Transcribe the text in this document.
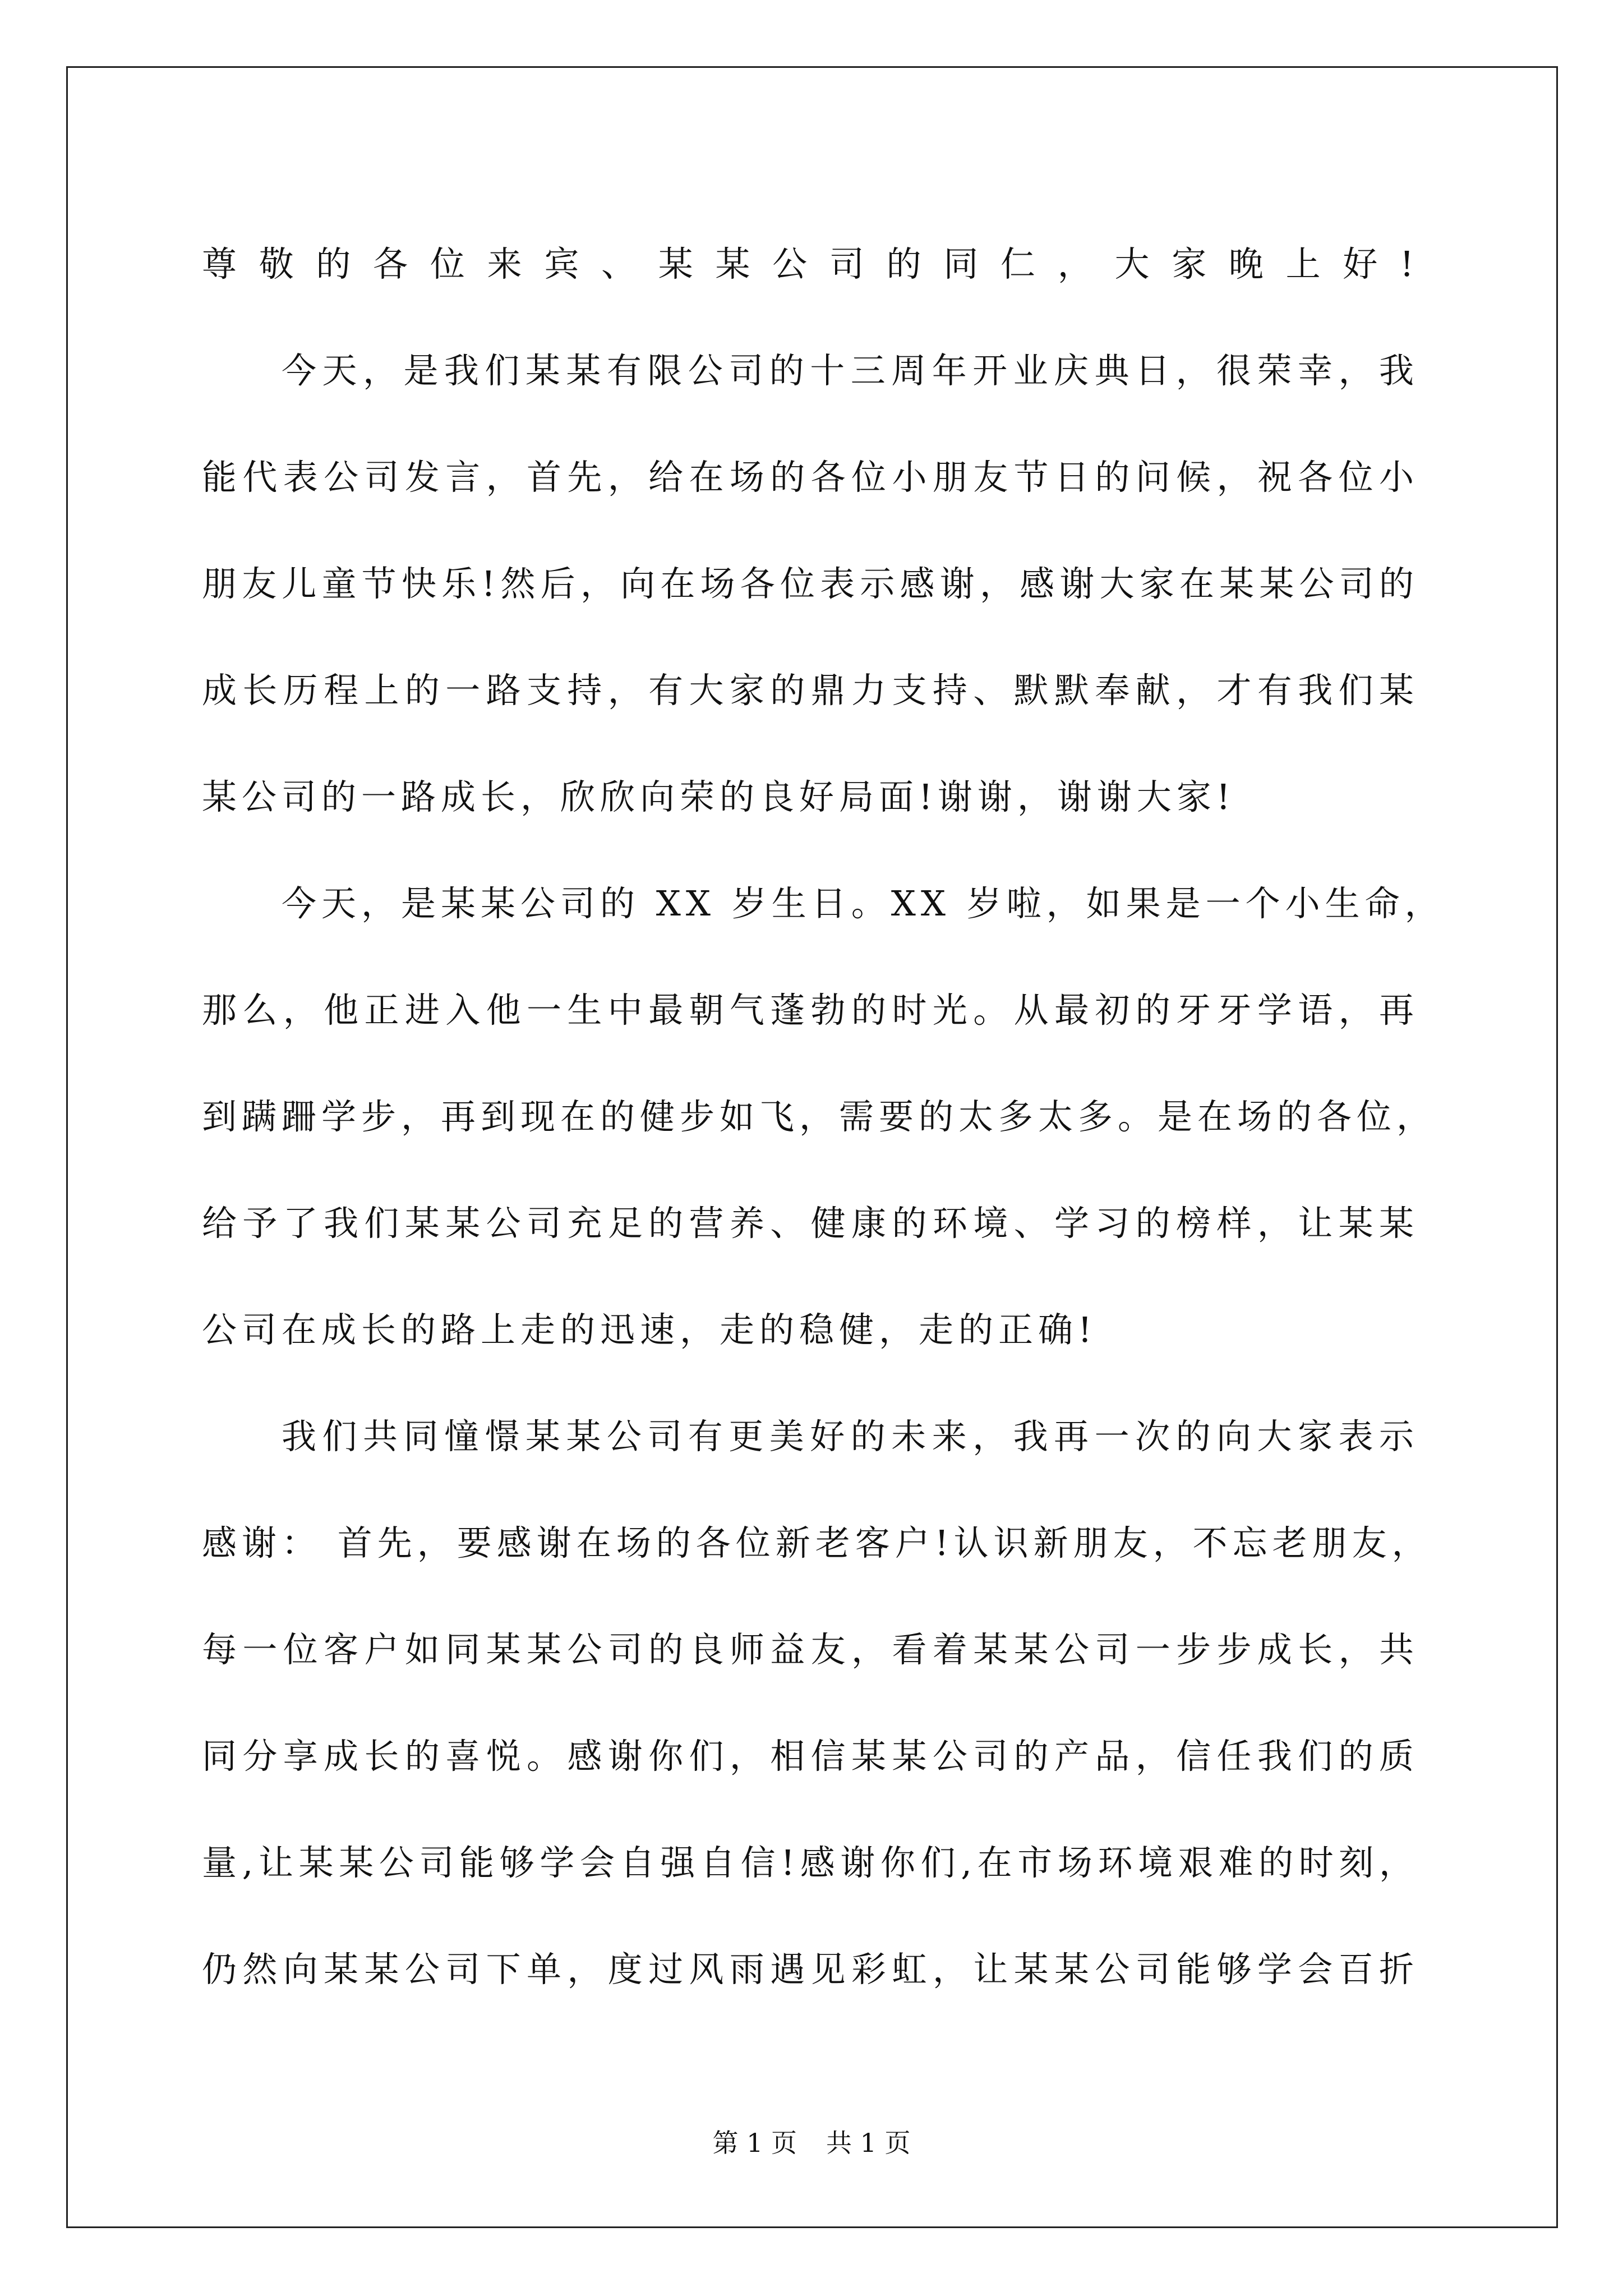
尊敬的各位来宾、某某公司的同仁，大家晚上好!
今天，是我们某某有限公司的十三周年开业庆典日，很荣幸，我
能代表公司发言，首先，给在场的各位小朋友节日的问候，祝各位小
朋友儿童节快乐!然后，向在场各位表示感谢，感谢大家在某某公司的
成长历程上的一路支持，有大家的鼎力支持、默默奉献，才有我们某
某公司的一路成长，欣欣向荣的良好局面!谢谢，谢谢大家!
今天，是某某公司的 XX 岁生日。XX 岁啦，如果是一个小生命，
那么，他正进入他一生中最朝气蓬勃的时光。从最初的牙牙学语，再
到蹒跚学步，再到现在的健步如飞，需要的太多太多。是在场的各位，
给予了我们某某公司充足的营养、健康的环境、学习的榜样，让某某
公司在成长的路上走的迅速，走的稳健，走的正确!
我们共同憧憬某某公司有更美好的未来，我再一次的向大家表示
感谢： 首先，要感谢在场的各位新老客户!认识新朋友，不忘老朋友，
每一位客户如同某某公司的良师益友，看着某某公司一步步成长，共
同分享成长的喜悦。感谢你们，相信某某公司的产品，信任我们的质
量,让某某公司能够学会自强自信!感谢你们,在市场环境艰难的时刻，
仍然向某某公司下单，度过风雨遇见彩虹，让某某公司能够学会百折
第 1 页 共 1 页
